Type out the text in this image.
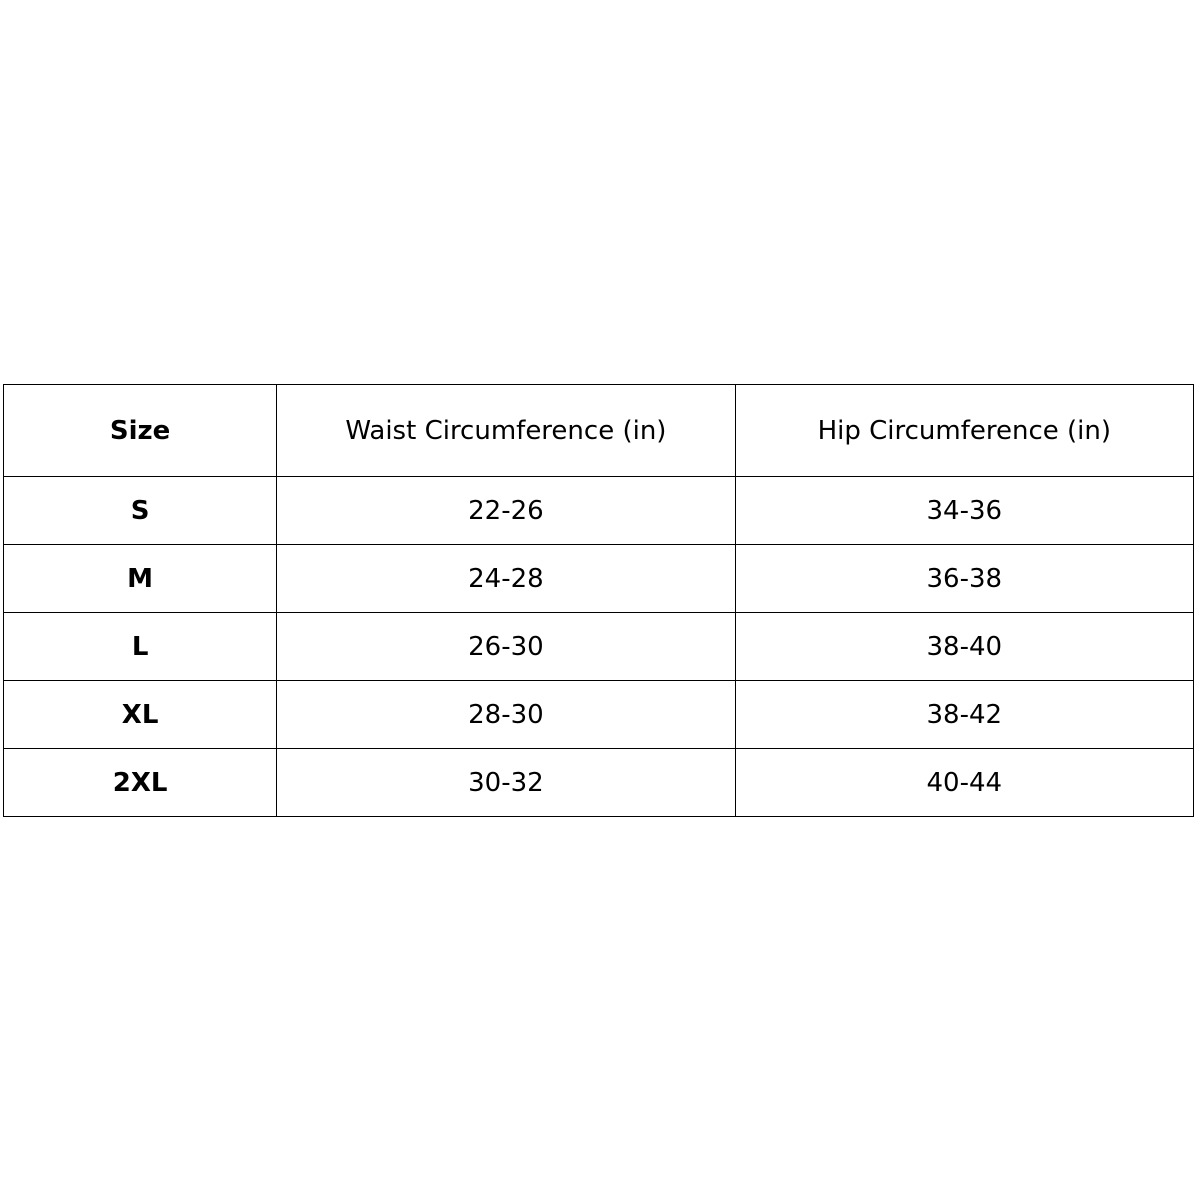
Size	Waist Circumference (in)	Hip Circumference (in)
S	22-26	34-36
M	24-28	36-38
L	26-30	38-40
XL	28-30	38-42
2XL	30-32	40-44
